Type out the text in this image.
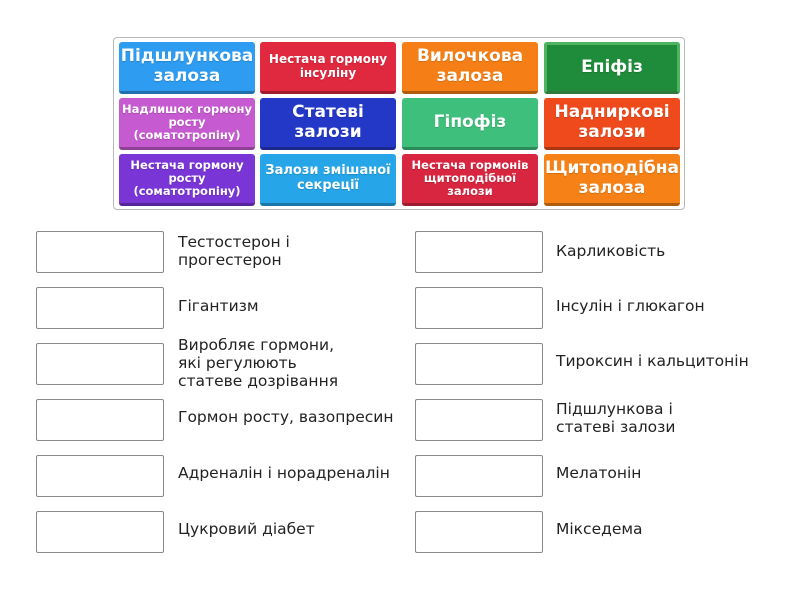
Підшлункова залоза
Нестача гормону інсуліну
Вилочкова залоза	Епіфіз
Надлишок гормону росту (соматотропіну)
Статеві залози	Гіпофіз	Надниркові залози
Нестача гормону росту (соматотропіну)
Залози змішаної секреції
Нестача гормонів щитоподібної залози
Щитоподібна залоза
Тестостерон і прогестерон
Гігантизм
Виробляє гормони, які регулюють статеве дозрівання
Гормон росту, вазопресин
Адреналін і норадреналін
Цукровий діабет
Карликовість
Інсулін і глюкагон
Тироксин і кальцитонін
Підшлунковa і статеві залози
Мелатонін
Мікседема
